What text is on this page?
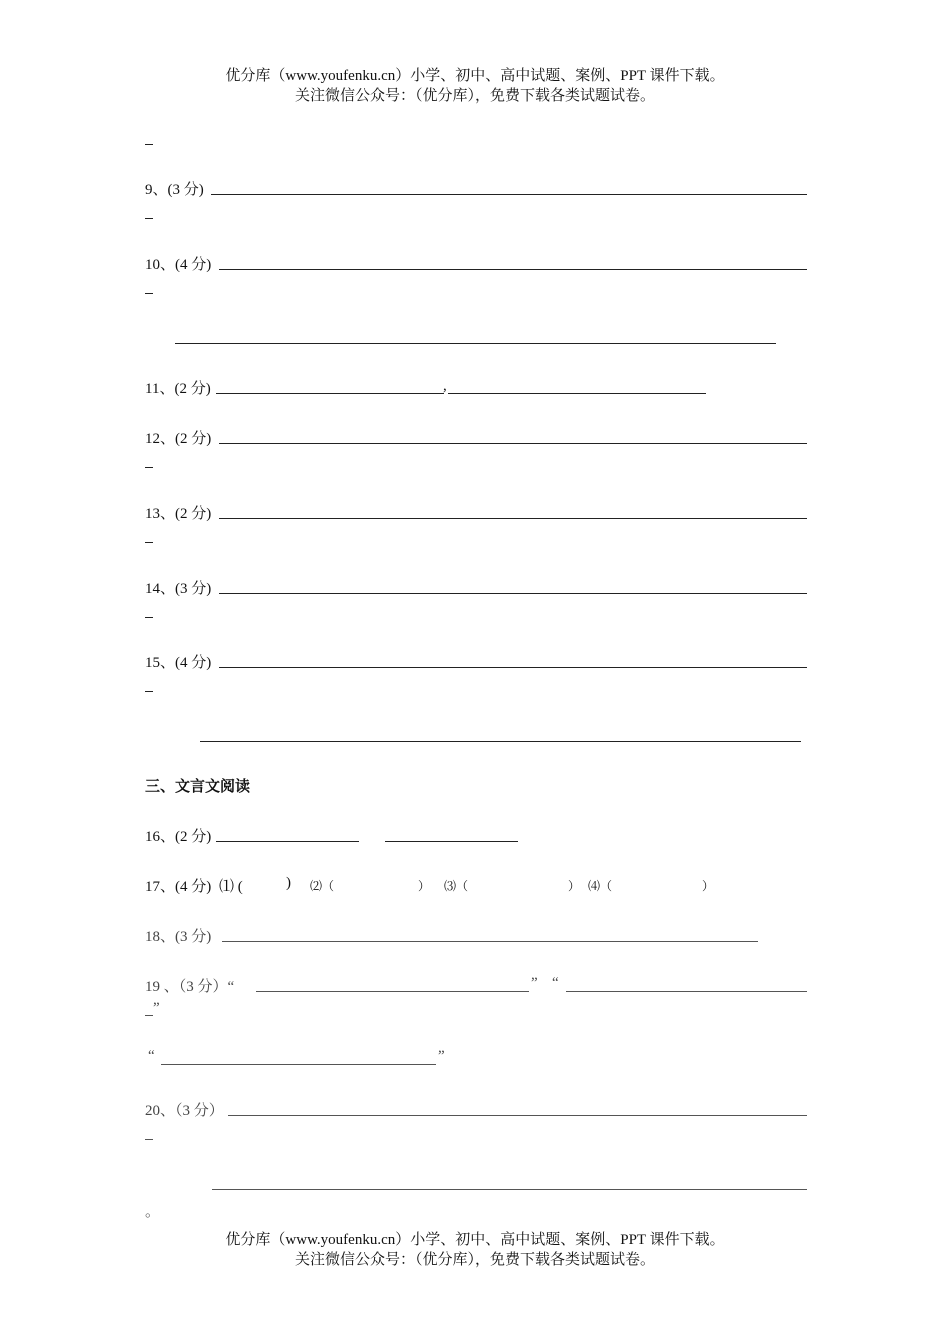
优分库（www.youfenku.cn）小学、初中、高中试题、案例、PPT 课件下载。
关注微信公众号：（优分库），免费下载各类试题试卷。
9、(3 分)
10、(4 分)
11、(2 分)	,
12、(2 分)
13、(2 分)
14、(3 分)
15、(4 分)
三、文言文阅读
16、(2 分)
17、(4 分) ⑴ (	) ⑵（	） ⑶（	） ⑷（	）
18、(3 分)
19 、（3 分）“	” “
”
“	”
20、（3 分）
。
优分库（www.youfenku.cn）小学、初中、高中试题、案例、PPT 课件下载。
关注微信公众号：（优分库），免费下载各类试题试卷。
